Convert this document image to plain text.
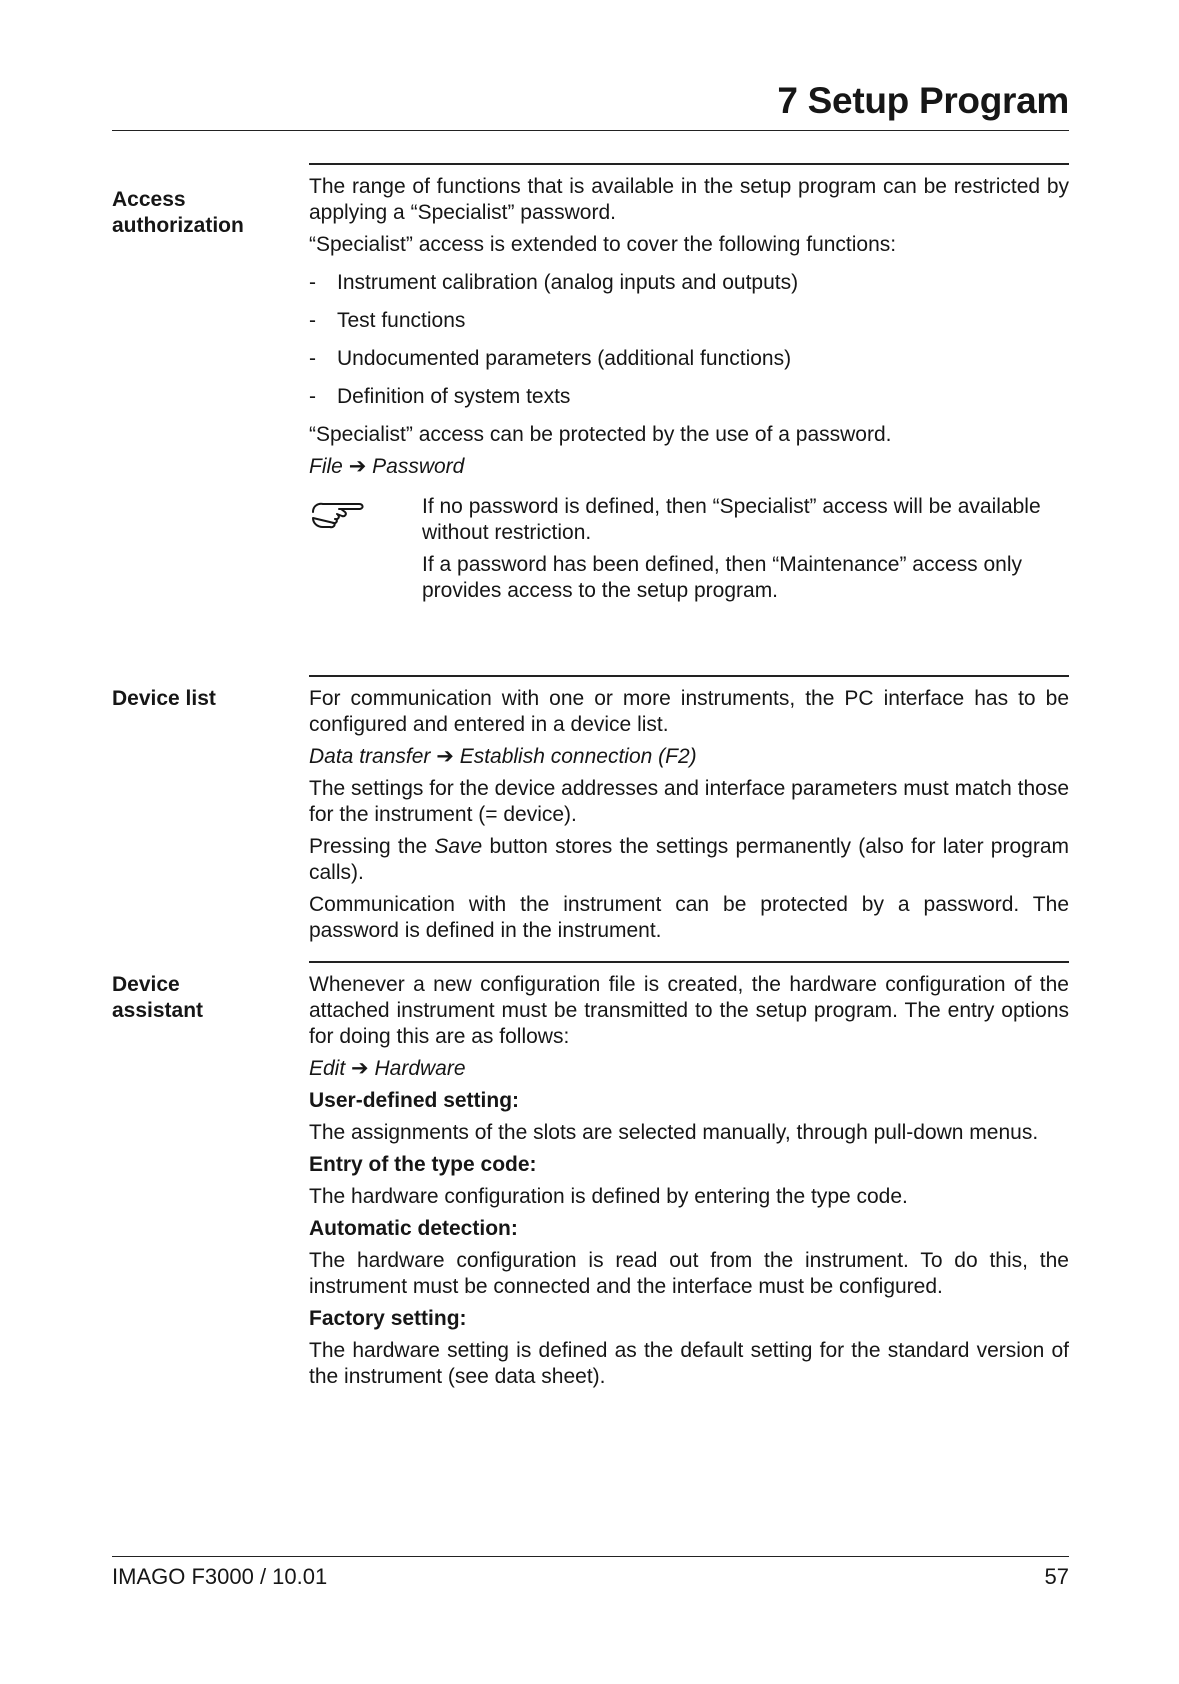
7 Setup Program
Access
authorization

The range of functions that is available in the setup program can be restricted by applying a “Specialist” password.

“Specialist” access is extended to cover the following functions:

- Instrument calibration (analog inputs and outputs)
- Test functions
- Undocumented parameters (additional functions)
- Definition of system texts

“Specialist” access can be protected by the use of a password.

File ➔ Password

If no password is defined, then “Specialist” access will be available without restriction.

If a password has been defined, then “Maintenance” access only provides access to the setup program.

Device list	For communication with one or more instruments, the PC interface has to be configured and entered in a device list.

Data transfer ➔ Establish connection (F2)

The settings for the device addresses and interface parameters must match those for the instrument (= device).

Pressing the Save button stores the settings permanently (also for later program calls).

Communication with the instrument can be protected by a password. The password is defined in the instrument.

Device
assistant

Whenever a new configuration file is created, the hardware configuration of the attached instrument must be transmitted to the setup program. The entry options for doing this are as follows:

Edit ➔ Hardware

User-defined setting:

The assignments of the slots are selected manually, through pull-down menus.

Entry of the type code:

The hardware configuration is defined by entering the type code.

Automatic detection:

The hardware configuration is read out from the instrument. To do this, the instrument must be connected and the interface must be configured.

Factory setting:

The hardware setting is defined as the default setting for the standard version of the instrument (see data sheet).

IMAGO F3000 / 10.01	57
